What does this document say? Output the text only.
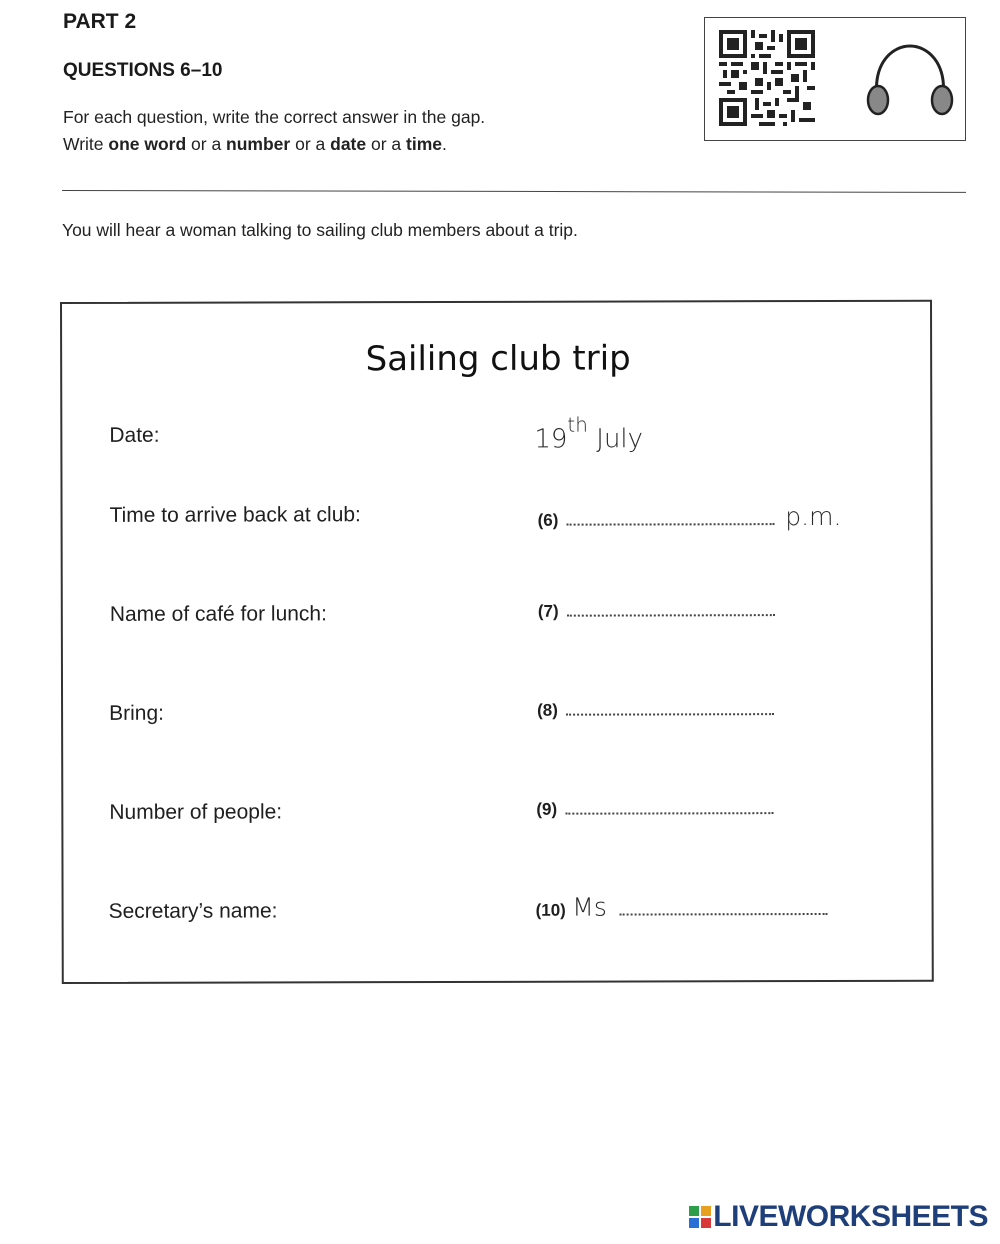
PART 2
QUESTIONS 6–10
For each question, write the correct answer in the gap.
Write one word or a number or a date or a time.
You will hear a woman talking to sailing club members about a trip.
Sailing club trip
Date:	19th July
Time to arrive back at club:	(6)	p.m.
Name of café for lunch:	(7)
Bring:	(8)
Number of people:	(9)
Secretary’s name:	(10) Ms
LIVEWORKSHEETS
